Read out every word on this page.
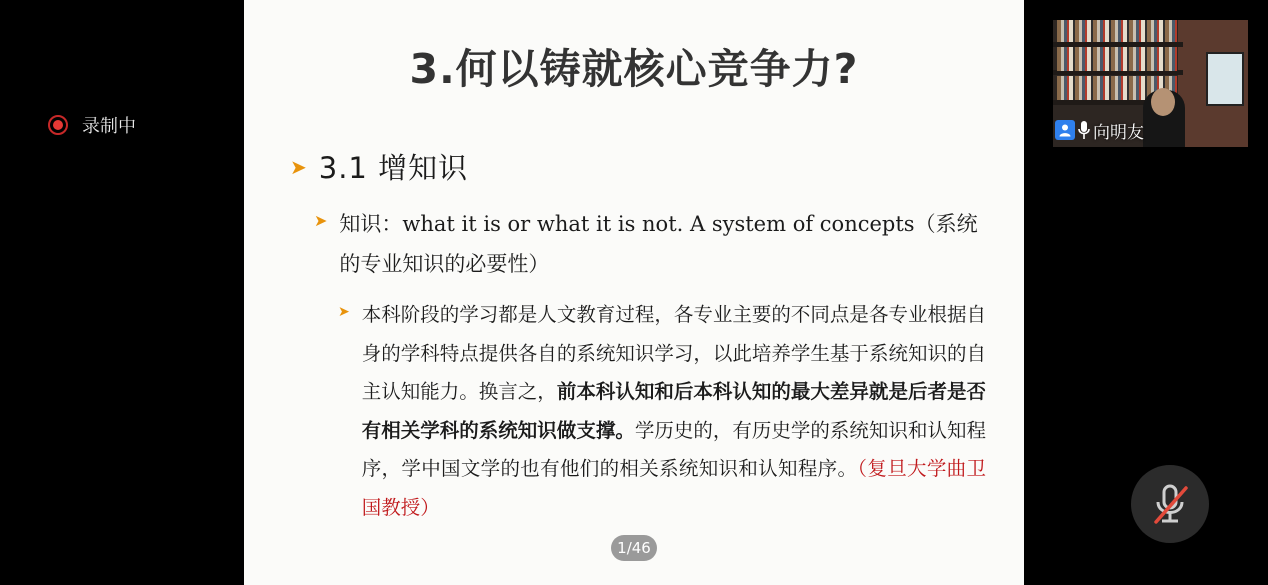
录制中
3.何以铸就核心竞争力?
➤ 3.1 增知识
➤ 知识：what it is or what it is not. A system of concepts（系统的专业知识的必要性）
➤ 本科阶段的学习都是人文教育过程，各专业主要的不同点是各专业根据自身的学科特点提供各自的系统知识学习，以此培养学生基于系统知识的自主认知能力。换言之，前本科认知和后本科认知的最大差异就是后者是否有相关学科的系统知识做支撑。学历史的，有历史学的系统知识和认知程序，学中国文学的也有他们的相关系统知识和认知程序。（复旦大学曲卫国教授）
1/46
向明友
